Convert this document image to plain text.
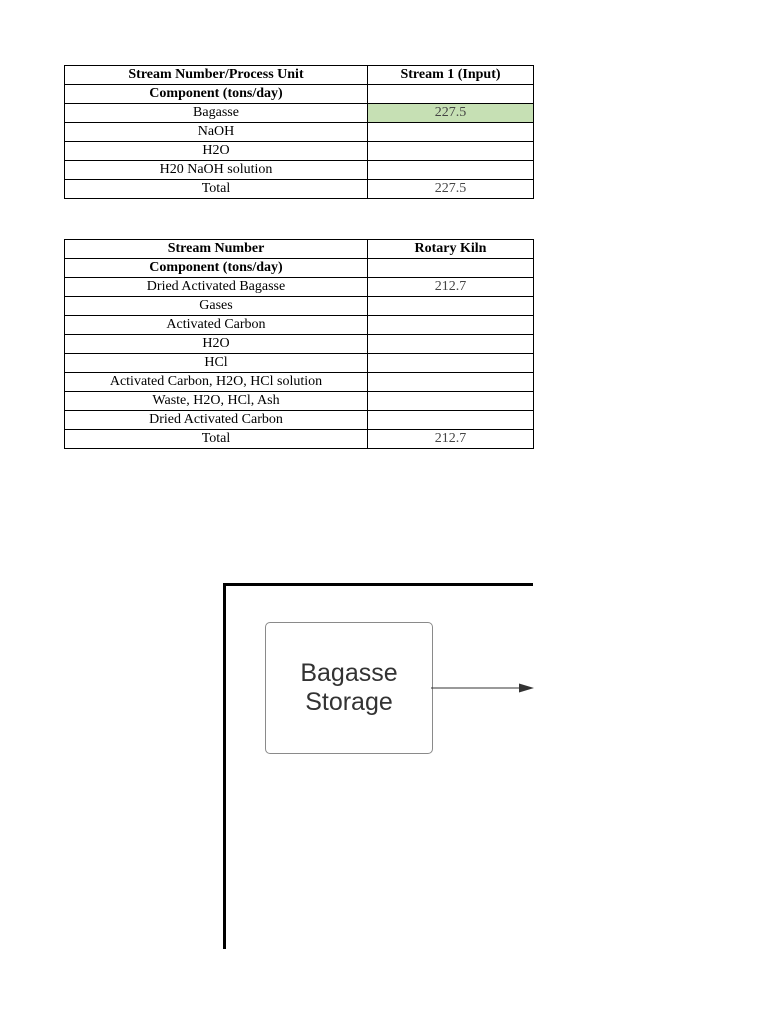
Stream Number/Process Unit	Stream 1 (Input)
Component (tons/day)	
Bagasse	227.5
NaOH	
H2O	
H20 NaOH solution	
Total	227.5
Stream Number	Rotary Kiln
Component (tons/day)	
Dried Activated Bagasse	212.7
Gases	
Activated Carbon	
H2O	
HCl	
Activated Carbon, H2O, HCl solution	
Waste, H2O, HCl, Ash	
Dried Activated Carbon	
Total	212.7
Bagasse
Storage
